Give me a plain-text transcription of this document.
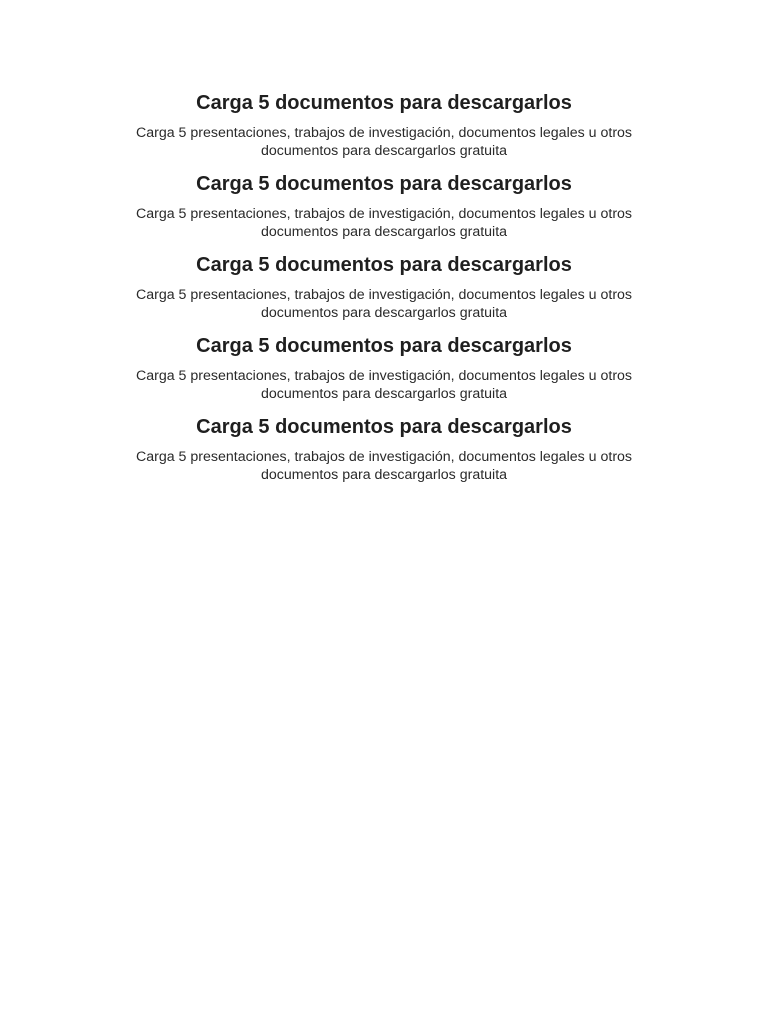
Carga 5 documentos para descargarlos

Carga 5 presentaciones, trabajos de investigación, documentos legales u otros
documentos para descargarlos gratuita

Carga 5 documentos para descargarlos

Carga 5 presentaciones, trabajos de investigación, documentos legales u otros
documentos para descargarlos gratuita

Carga 5 documentos para descargarlos

Carga 5 presentaciones, trabajos de investigación, documentos legales u otros
documentos para descargarlos gratuita

Carga 5 documentos para descargarlos

Carga 5 presentaciones, trabajos de investigación, documentos legales u otros
documentos para descargarlos gratuita

Carga 5 documentos para descargarlos

Carga 5 presentaciones, trabajos de investigación, documentos legales u otros
documentos para descargarlos gratuita
